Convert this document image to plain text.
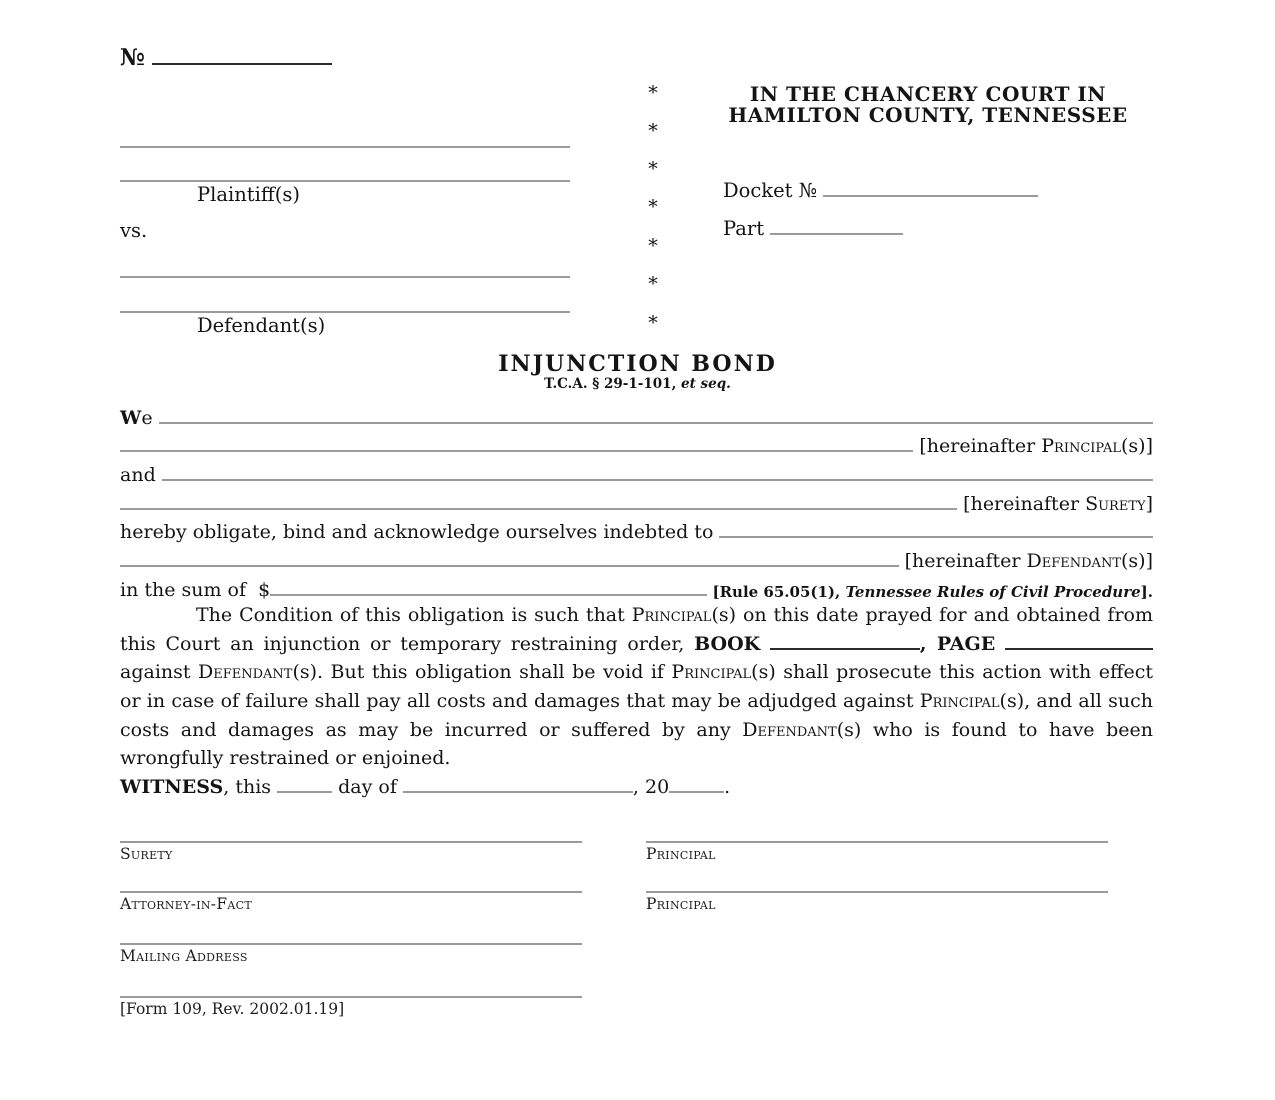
№
Plaintiff(s)
vs.
Defendant(s)
*
*
*
*
*
*
*
IN THE CHANCERY COURT IN
HAMILTON COUNTY, TENNESSEE
Docket №
Part
INJUNCTION BOND
T.C.A. § 29-1-101, et seq.
W e
[hereinafter Principal (s)]
and
[hereinafter Surety ]
hereby obligate, bind and acknowledge ourselves indebted to
[hereinafter Defendant (s)]
in the sum of  $	[ Rule 65.05(1), Tennessee Rules of Civil Procedure ].
The Condition of this obligation is such that Principal(s) on this date prayed for and obtained from this Court an injunction or temporary restraining order, BOOK	, PAGE	against Defendant(s). But this obligation shall be void if Principal(s) shall prosecute this action with effect or in case of failure shall pay all costs and damages that may be adjudged against Principal(s), and all such costs and damages as may be incurred or suffered by any Defendant(s) who is found to have been wrongfully restrained or enjoined.
WITNESS, this	day of	, 20	.
Surety	Principal
Attorney-in-Fact	Principal
Mailing Address
[Form 109, Rev. 2002.01.19]
